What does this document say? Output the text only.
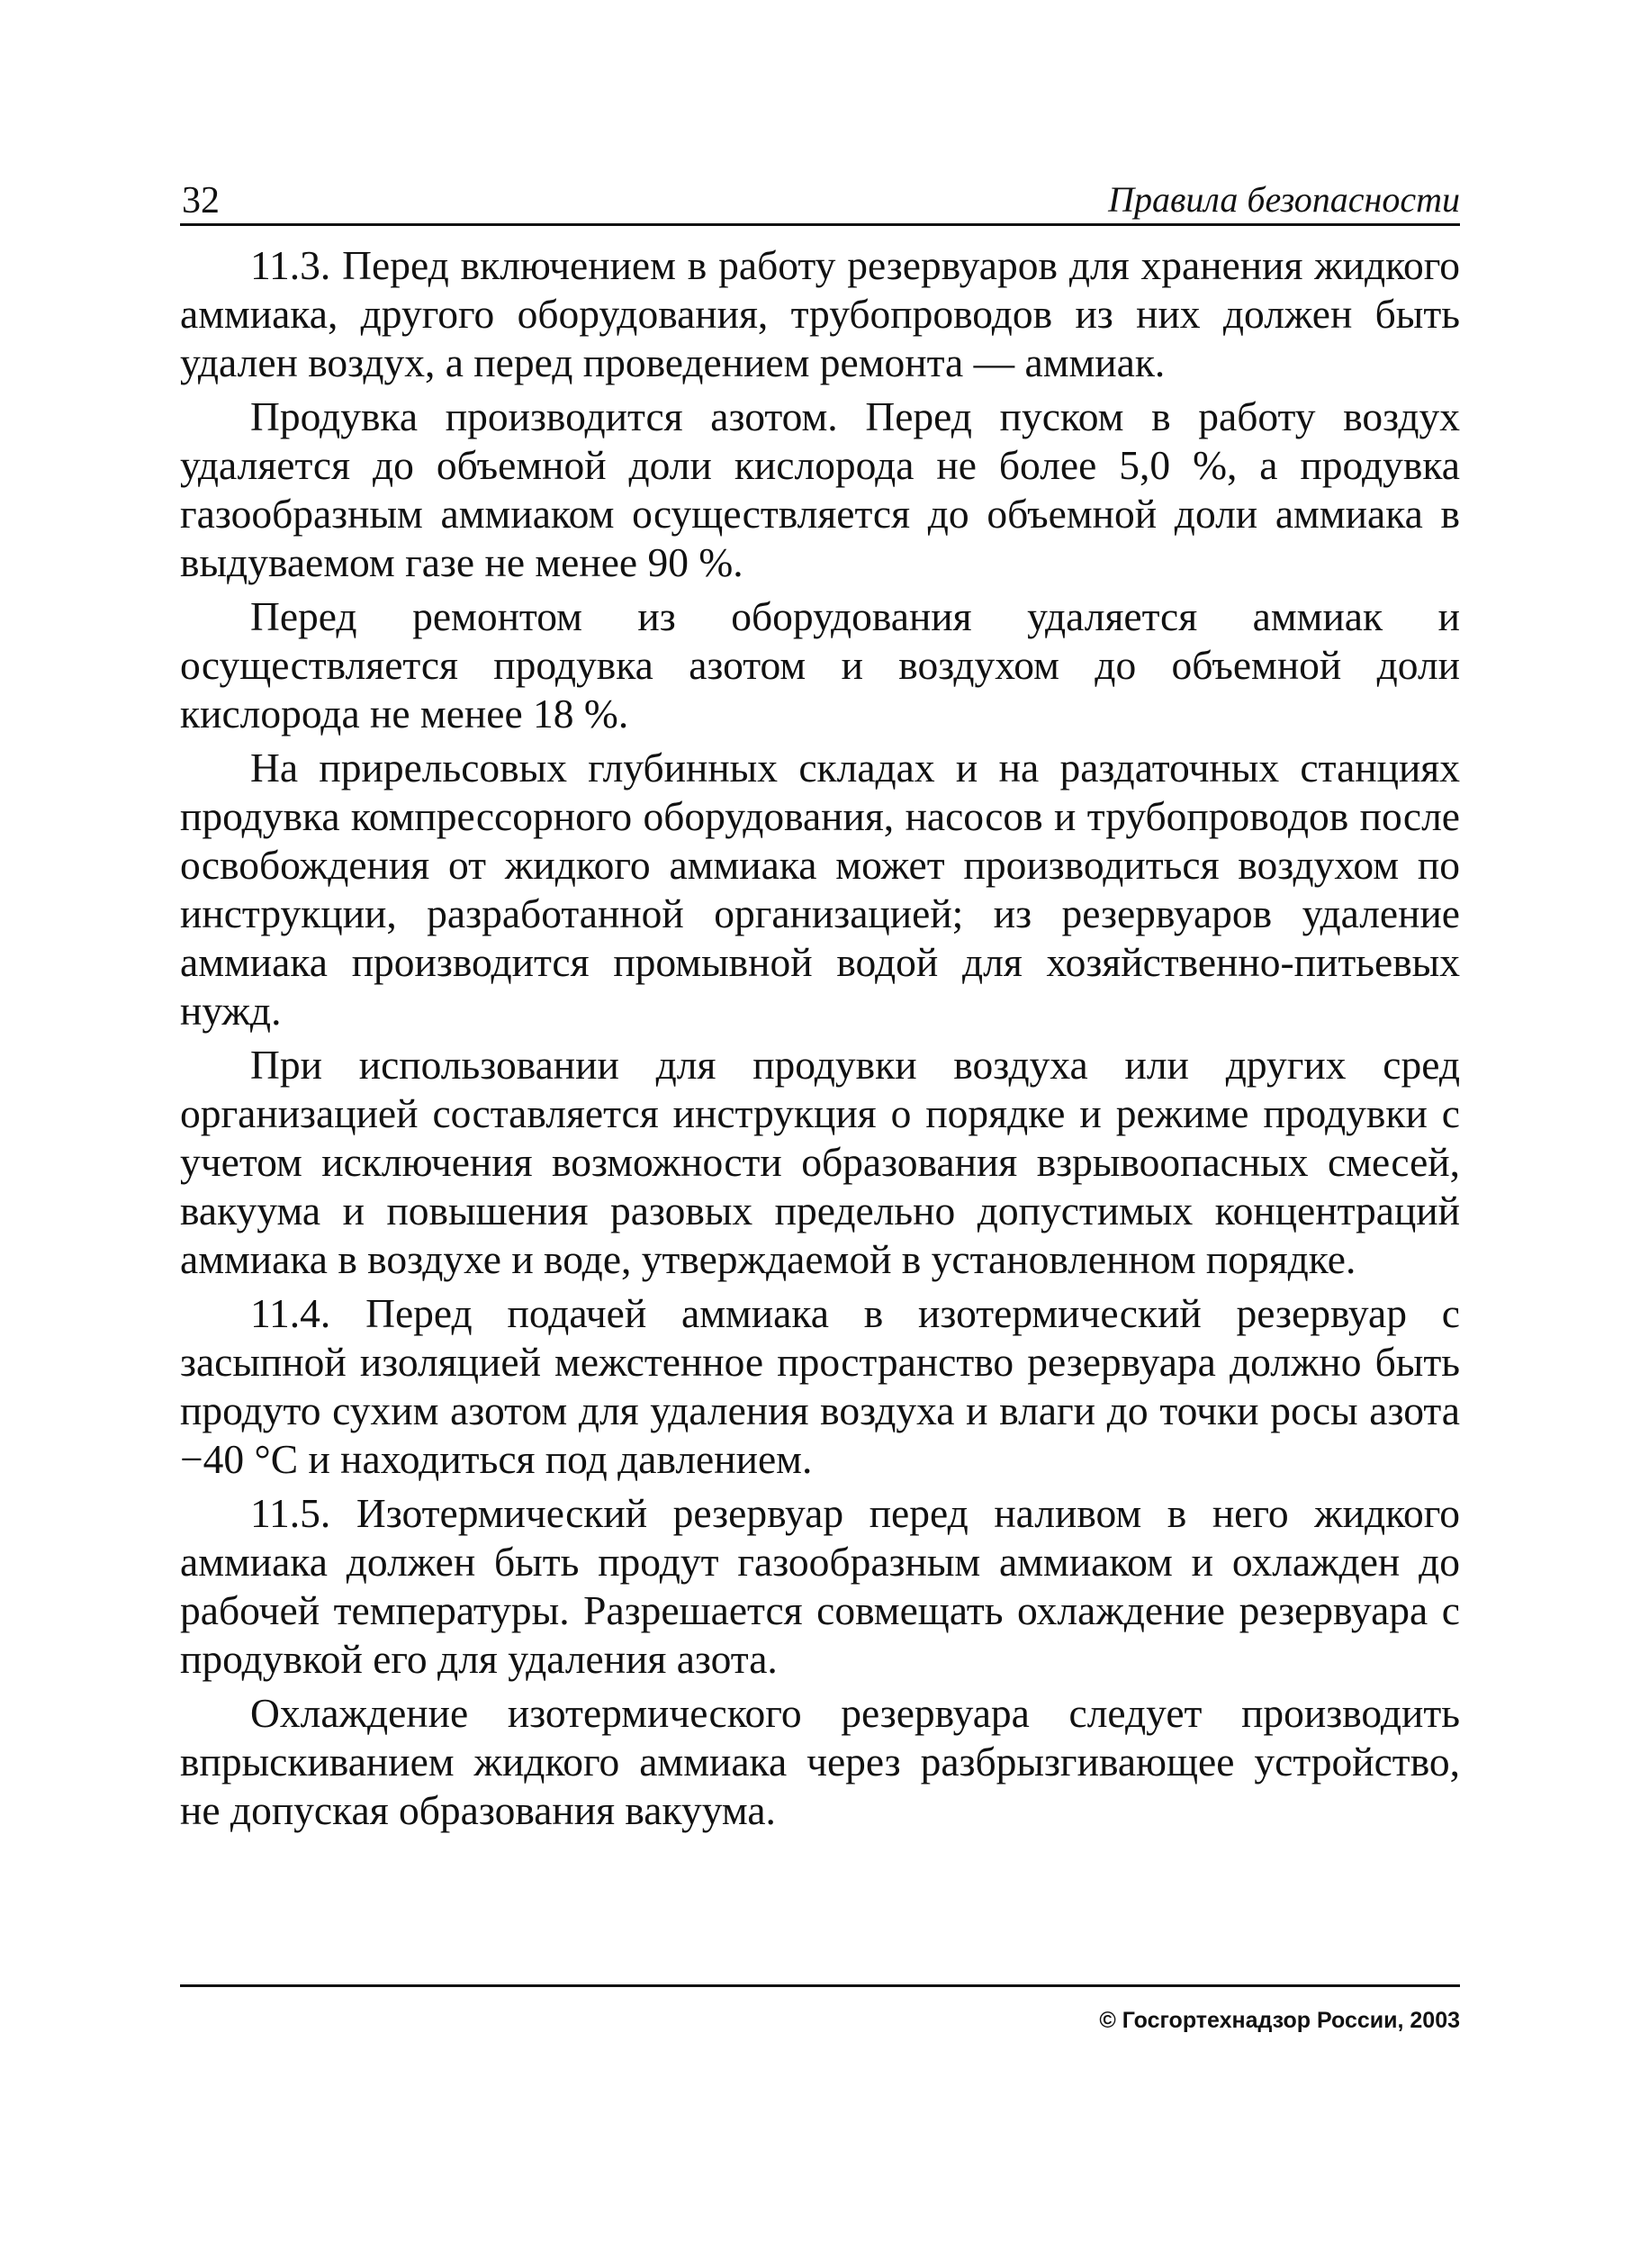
32	Правила безопасности

11.3. Перед включением в работу резервуаров для хранения жидкого аммиака, другого оборудования, трубопроводов из них должен быть удален воздух, а перед проведением ремонта — аммиак.

Продувка производится азотом. Перед пуском в работу воздух удаляется до объемной доли кислорода не более 5,0 %, а продувка газообразным аммиаком осуществляется до объемной доли аммиака в выдуваемом газе не менее 90 %.

Перед ремонтом из оборудования удаляется аммиак и осуществляется продувка азотом и воздухом до объемной доли кислорода не менее 18 %.

На прирельсовых глубинных складах и на раздаточных станциях продувка компрессорного оборудования, насосов и трубопроводов после освобождения от жидкого аммиака может производиться воздухом по инструкции, разработанной организацией; из резервуаров удаление аммиака производится промывной водой для хозяйственно-питьевых нужд.

При использовании для продувки воздуха или других сред организацией составляется инструкция о порядке и режиме продувки с учетом исключения возможности образования взрывоопасных смесей, вакуума и повышения разовых предельно допустимых концентраций аммиака в воздухе и воде, утверждаемой в установленном порядке.

11.4. Перед подачей аммиака в изотермический резервуар с засыпной изоляцией межстенное пространство резервуара должно быть продуто сухим азотом для удаления воздуха и влаги до точки росы азота −40 °С и находиться под давлением.

11.5. Изотермический резервуар перед наливом в него жидкого аммиака должен быть продут газообразным аммиаком и охлажден до рабочей температуры. Разрешается совмещать охлаждение резервуара с продувкой его для удаления азота.

Охлаждение изотермического резервуара следует производить впрыскиванием жидкого аммиака через разбрызгивающее устройство, не допуская образования вакуума.

© Госгортехнадзор России, 2003
